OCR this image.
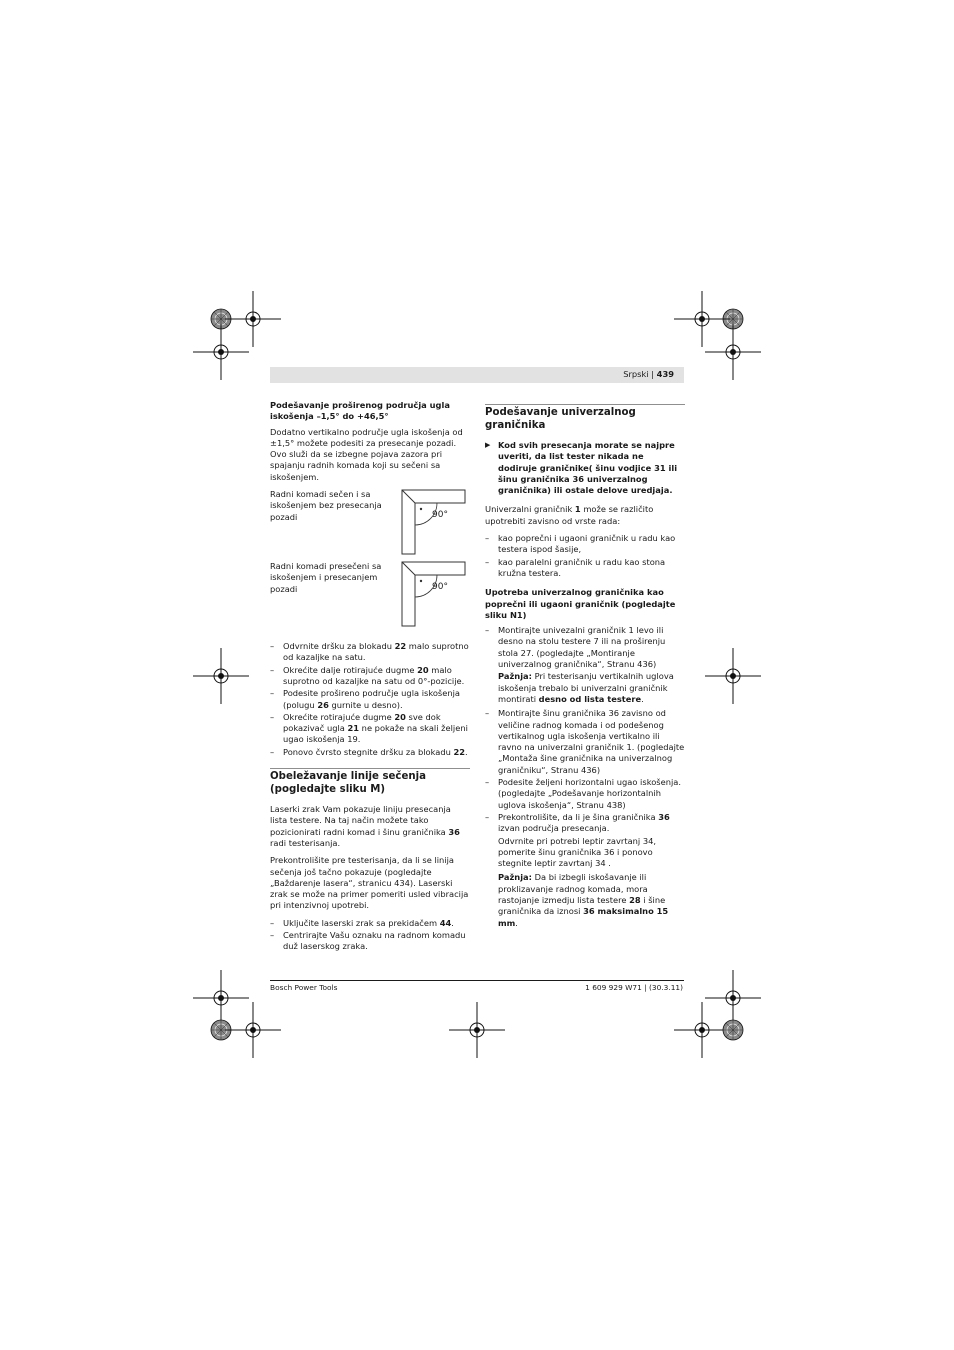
Srpski | 439

Podešavanje proširenog područja ugla iskošenja –1,5° do +46,5°

Dodatno vertikalno područje ugla iskošenja od ±1,5° možete podesiti za presecanje pozadi. Ovo služi da se izbegne pojava zazora pri spajanju radnih komada koji su sečeni sa iskošenjem.

Radni komadi sečen i sa iskošenjem bez presecanja pozadi	90°
Radni komadi presečeni sa iskošenjem i presecanjem pozadi	90°
– Odvrnite dršku za blokadu 22 malo suprotno od kazaljke na satu.
– Okrećite dalje rotirajuće dugme 20 malo suprotno od kazaljke na satu od 0°-pozicije.
– Podesite prošireno područje ugla iskošenja (polugu 26 gurnite u desno).
– Okrećite rotirajuće dugme 20 sve dok pokazivač ugla 21 ne pokaže na skali željeni ugao iskošenja 19.
– Ponovo čvrsto stegnite dršku za blokadu 22.
Obeležavanje linije sečenja (pogledajte sliku M)

Laserki zrak Vam pokazuje liniju presecanja lista testere. Na taj način možete tako pozicionirati radni komad i šinu graničnika 36 radi testerisanja.

Prekontrolišite pre testerisanja, da li se linija sečenja još tačno pokazuje (pogledajte „Baždarenje lasera“, stranicu 434). Laserski zrak se može na primer pomeriti usled vibracija pri intenzivnoj upotrebi.

– Uključite laserski zrak sa prekidačem 44.
– Centrirajte Vašu oznaku na radnom komadu duž laserskog zraka.
Podešavanje univerzalnog graničnika
▶ Kod svih presecanja morate se najpre uveriti, da list tester nikada ne dodiruje graničnike( šinu vodjice 31 ili šinu graničnika 36 univerzalnog graničnika) ili ostale delove uredjaja.

Univerzalni graničnik 1 može se različito upotrebiti zavisno od vrste rada:

– kao poprečni i ugaoni graničnik u radu kao testera ispod šasije,
– kao paralelni graničnik u radu kao stona kružna testera.

Upotreba univerzalnog graničnika kao poprečni ili ugaoni graničnik (pogledajte sliku N1)

– Montirajte univezalni graničnik 1 levo ili desno na stolu testere 7 ili na proširenju stola 27. (pogledajte „Montiranje univerzalnog graničnika“, Stranu 436)

Pažnja: Pri testerisanju vertikalnih uglova iskošenja trebalo bi univerzalni graničnik montirati desno od lista testere.

– Montirajte šinu graničnika 36 zavisno od veličine radnog komada i od podešenog vertikalnog ugla iskošenja vertikalno ili ravno na univerzalni graničnik 1. (pogledajte „Montaža šine graničnika na univerzalnog graničniku“, Stranu 436)
– Podesite željeni horizontalni ugao iskošenja. (pogledajte „Podešavanje horizontalnih uglova iskošenja“, Stranu 438)
– Prekontrolišite, da li je šina graničnika 36 izvan područja presecanja.

Odvrnite pri potrebi leptir zavrtanj 34, pomerite šinu graničnika 36 i ponovo stegnite leptir zavrtanj 34 .

Pažnja: Da bi izbegli iskošavanje ili proklizavanje radnog komada, mora rastojanje izmedju lista testere 28 i šine graničnika da iznosi 36 maksimalno 15 mm.

Bosch Power Tools	1 609 929 W71 | (30.3.11)
